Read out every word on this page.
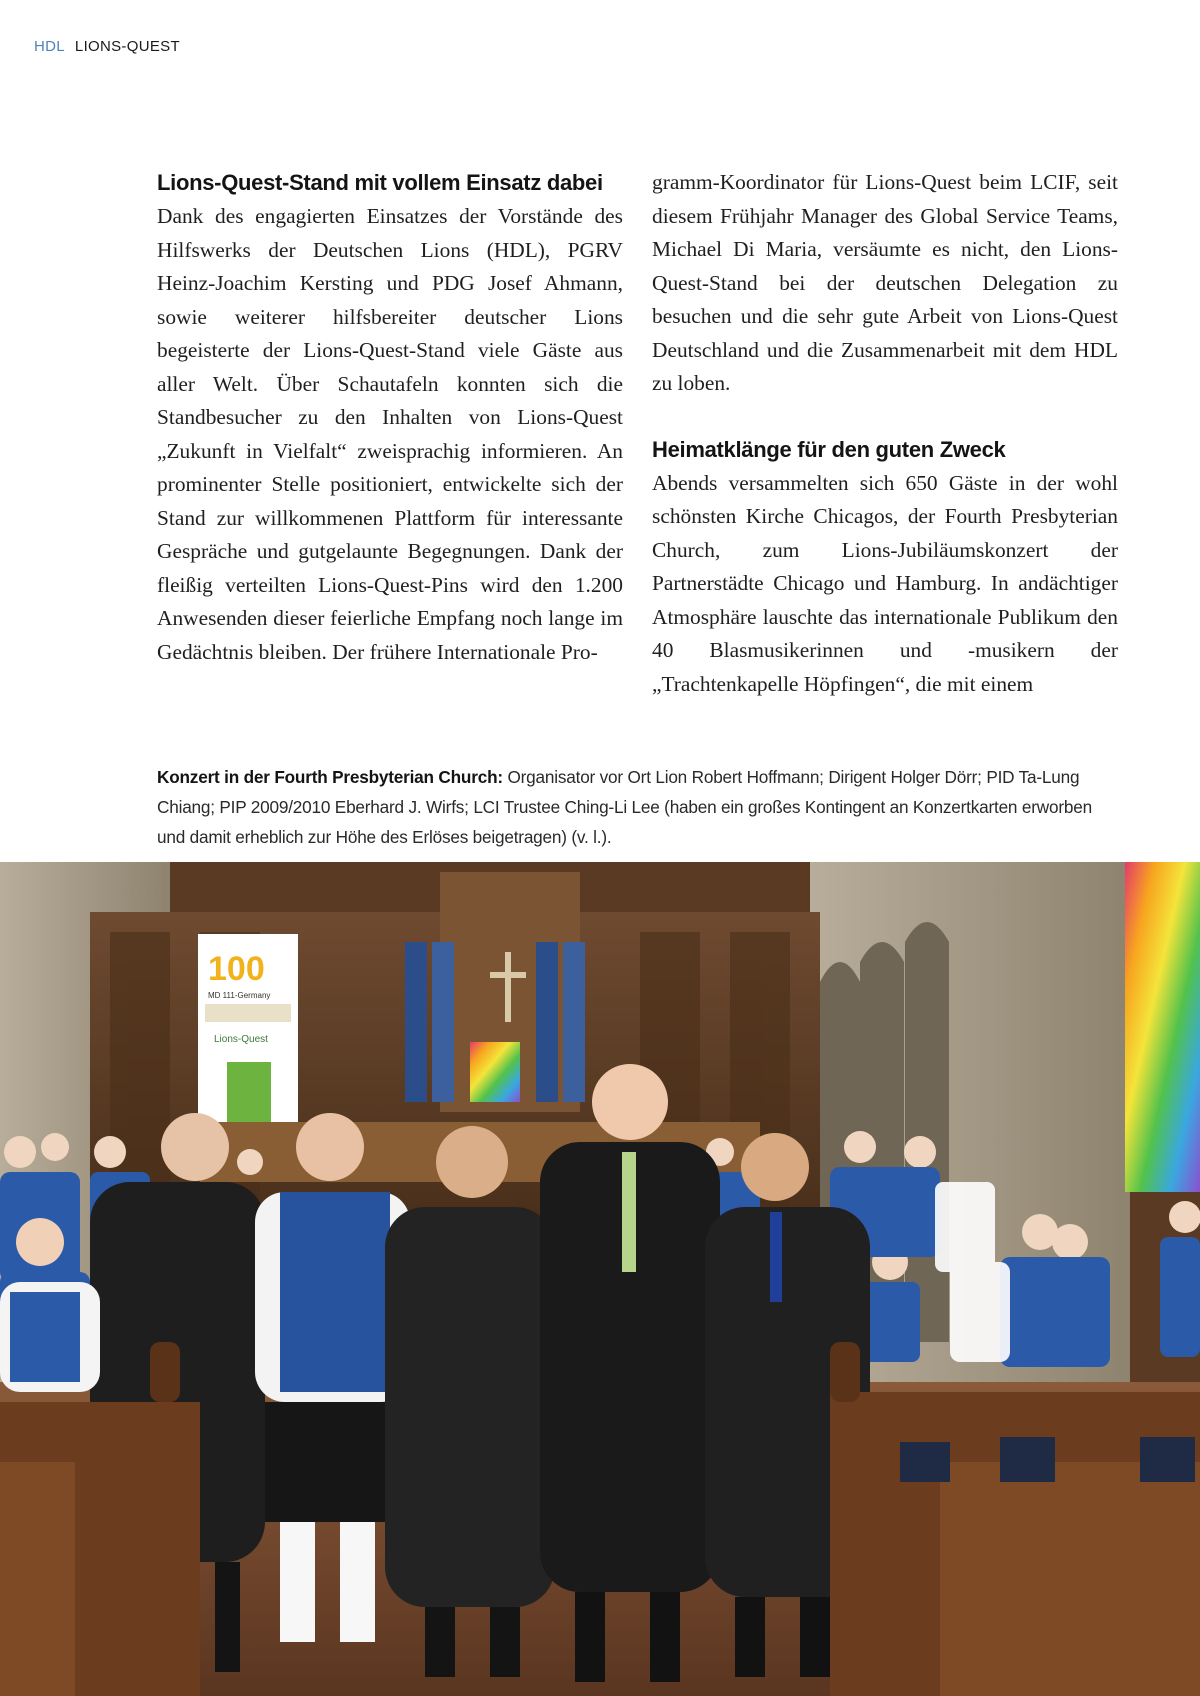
HDL LIONS-QUEST
Lions-Quest-Stand mit vollem Einsatz dabei

Dank des engagierten Einsatzes der Vorstände des Hilfswerks der Deutschen Lions (HDL), PGRV Heinz-Joachim Kersting und PDG Josef Ahmann, sowie weiterer hilfsbereiter deutscher Lions begeisterte der Lions-Quest-Stand viele Gäste aus aller Welt. Über Schautafeln konnten sich die Standbesucher zu den Inhalten von Lions-Quest „Zukunft in Vielfalt“ zweisprachig informieren. An prominenter Stelle positioniert, entwickelte sich der Stand zur willkommenen Plattform für interessante Gespräche und gutgelaunte Begegnungen. Dank der fleißig verteilten Lions-Quest-Pins wird den 1.200 Anwesenden dieser feierliche Empfang noch lange im Gedächtnis bleiben. Der frühere Internationale Pro-

gramm-Koordinator für Lions-Quest beim LCIF, seit diesem Frühjahr Manager des Global Service Teams, Michael Di Maria, versäumte es nicht, den Lions-Quest-Stand bei der deutschen Delegation zu besuchen und die sehr gute Arbeit von Lions-Quest Deutschland und die Zusammenarbeit mit dem HDL zu loben.

Heimatklänge für den guten Zweck

Abends versammelten sich 650 Gäste in der wohl schönsten Kirche Chicagos, der Fourth Presbyterian Church, zum Lions-Jubiläumskonzert der Partnerstädte Chicago und Hamburg. In andächtiger Atmosphäre lauschte das internationale Publikum den 40 Blasmusikerinnen und -musikern der „Trachtenkapelle Höpfingen“, die mit einem

Konzert in der Fourth Presbyterian Church: Organisator vor Ort Lion Robert Hoffmann; Dirigent Holger Dörr; PID Ta-Lung Chiang; PIP 2009/2010 Eberhard J. Wirfs; LCI Trustee Ching-Li Lee (haben ein großes Kontingent an Konzertkarten erworben und damit erheblich zur Höhe des Erlöses beigetragen) (v. l.).
100
MD 111-Germany
Lions-Quest
